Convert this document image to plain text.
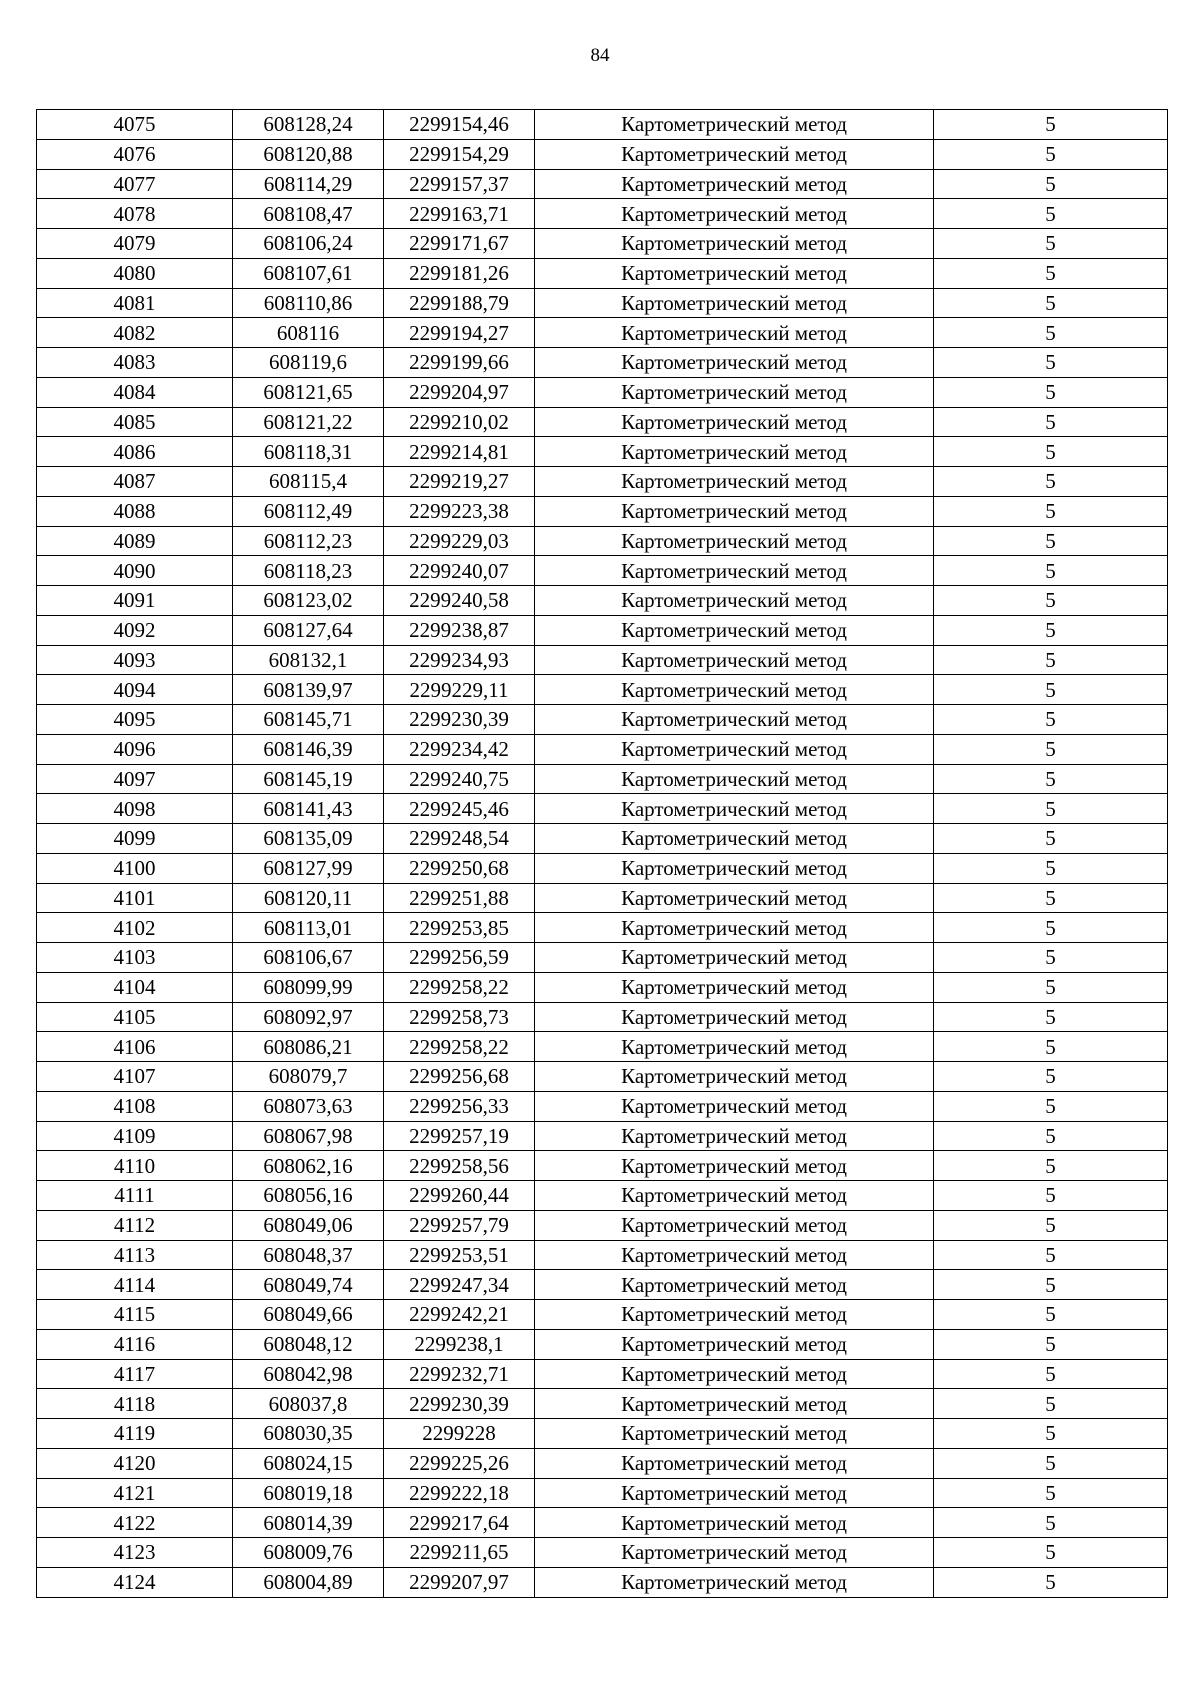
84
4075	608128,24	2299154,46	Картометрический метод	5
4076	608120,88	2299154,29	Картометрический метод	5
4077	608114,29	2299157,37	Картометрический метод	5
4078	608108,47	2299163,71	Картометрический метод	5
4079	608106,24	2299171,67	Картометрический метод	5
4080	608107,61	2299181,26	Картометрический метод	5
4081	608110,86	2299188,79	Картометрический метод	5
4082	608116	2299194,27	Картометрический метод	5
4083	608119,6	2299199,66	Картометрический метод	5
4084	608121,65	2299204,97	Картометрический метод	5
4085	608121,22	2299210,02	Картометрический метод	5
4086	608118,31	2299214,81	Картометрический метод	5
4087	608115,4	2299219,27	Картометрический метод	5
4088	608112,49	2299223,38	Картометрический метод	5
4089	608112,23	2299229,03	Картометрический метод	5
4090	608118,23	2299240,07	Картометрический метод	5
4091	608123,02	2299240,58	Картометрический метод	5
4092	608127,64	2299238,87	Картометрический метод	5
4093	608132,1	2299234,93	Картометрический метод	5
4094	608139,97	2299229,11	Картометрический метод	5
4095	608145,71	2299230,39	Картометрический метод	5
4096	608146,39	2299234,42	Картометрический метод	5
4097	608145,19	2299240,75	Картометрический метод	5
4098	608141,43	2299245,46	Картометрический метод	5
4099	608135,09	2299248,54	Картометрический метод	5
4100	608127,99	2299250,68	Картометрический метод	5
4101	608120,11	2299251,88	Картометрический метод	5
4102	608113,01	2299253,85	Картометрический метод	5
4103	608106,67	2299256,59	Картометрический метод	5
4104	608099,99	2299258,22	Картометрический метод	5
4105	608092,97	2299258,73	Картометрический метод	5
4106	608086,21	2299258,22	Картометрический метод	5
4107	608079,7	2299256,68	Картометрический метод	5
4108	608073,63	2299256,33	Картометрический метод	5
4109	608067,98	2299257,19	Картометрический метод	5
4110	608062,16	2299258,56	Картометрический метод	5
4111	608056,16	2299260,44	Картометрический метод	5
4112	608049,06	2299257,79	Картометрический метод	5
4113	608048,37	2299253,51	Картометрический метод	5
4114	608049,74	2299247,34	Картометрический метод	5
4115	608049,66	2299242,21	Картометрический метод	5
4116	608048,12	2299238,1	Картометрический метод	5
4117	608042,98	2299232,71	Картометрический метод	5
4118	608037,8	2299230,39	Картометрический метод	5
4119	608030,35	2299228	Картометрический метод	5
4120	608024,15	2299225,26	Картометрический метод	5
4121	608019,18	2299222,18	Картометрический метод	5
4122	608014,39	2299217,64	Картометрический метод	5
4123	608009,76	2299211,65	Картометрический метод	5
4124	608004,89	2299207,97	Картометрический метод	5
